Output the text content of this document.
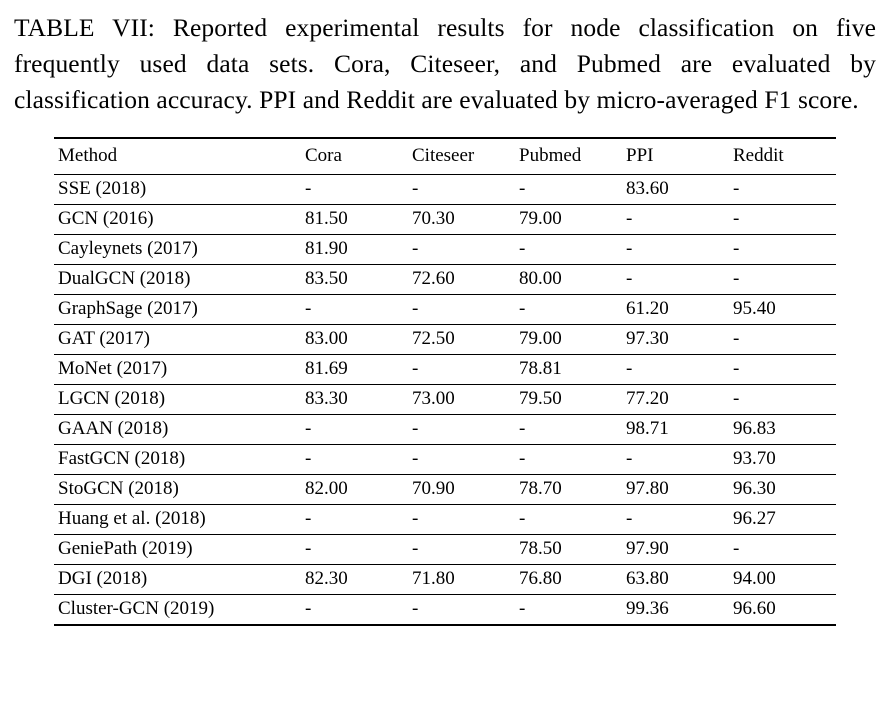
TABLE VII: Reported experimental results for node classification on five frequently used data sets. Cora, Citeseer, and Pubmed are evaluated by classification accuracy. PPI and Reddit are evaluated by micro-averaged F1 score.

Method	Cora	Citeseer	Pubmed	PPI	Reddit
SSE (2018)	-	-	-	83.60	-
GCN (2016)	81.50	70.30	79.00	-	-
Cayleynets (2017)	81.90	-	-	-	-
DualGCN (2018)	83.50	72.60	80.00	-	-
GraphSage (2017)	-	-	-	61.20	95.40
GAT (2017)	83.00	72.50	79.00	97.30	-
MoNet (2017)	81.69	-	78.81	-	-
LGCN (2018)	83.30	73.00	79.50	77.20	-
GAAN (2018)	-	-	-	98.71	96.83
FastGCN (2018)	-	-	-	-	93.70
StoGCN (2018)	82.00	70.90	78.70	97.80	96.30
Huang et al. (2018)	-	-	-	-	96.27
GeniePath (2019)	-	-	78.50	97.90	-
DGI (2018)	82.30	71.80	76.80	63.80	94.00
Cluster-GCN (2019)	-	-	-	99.36	96.60
